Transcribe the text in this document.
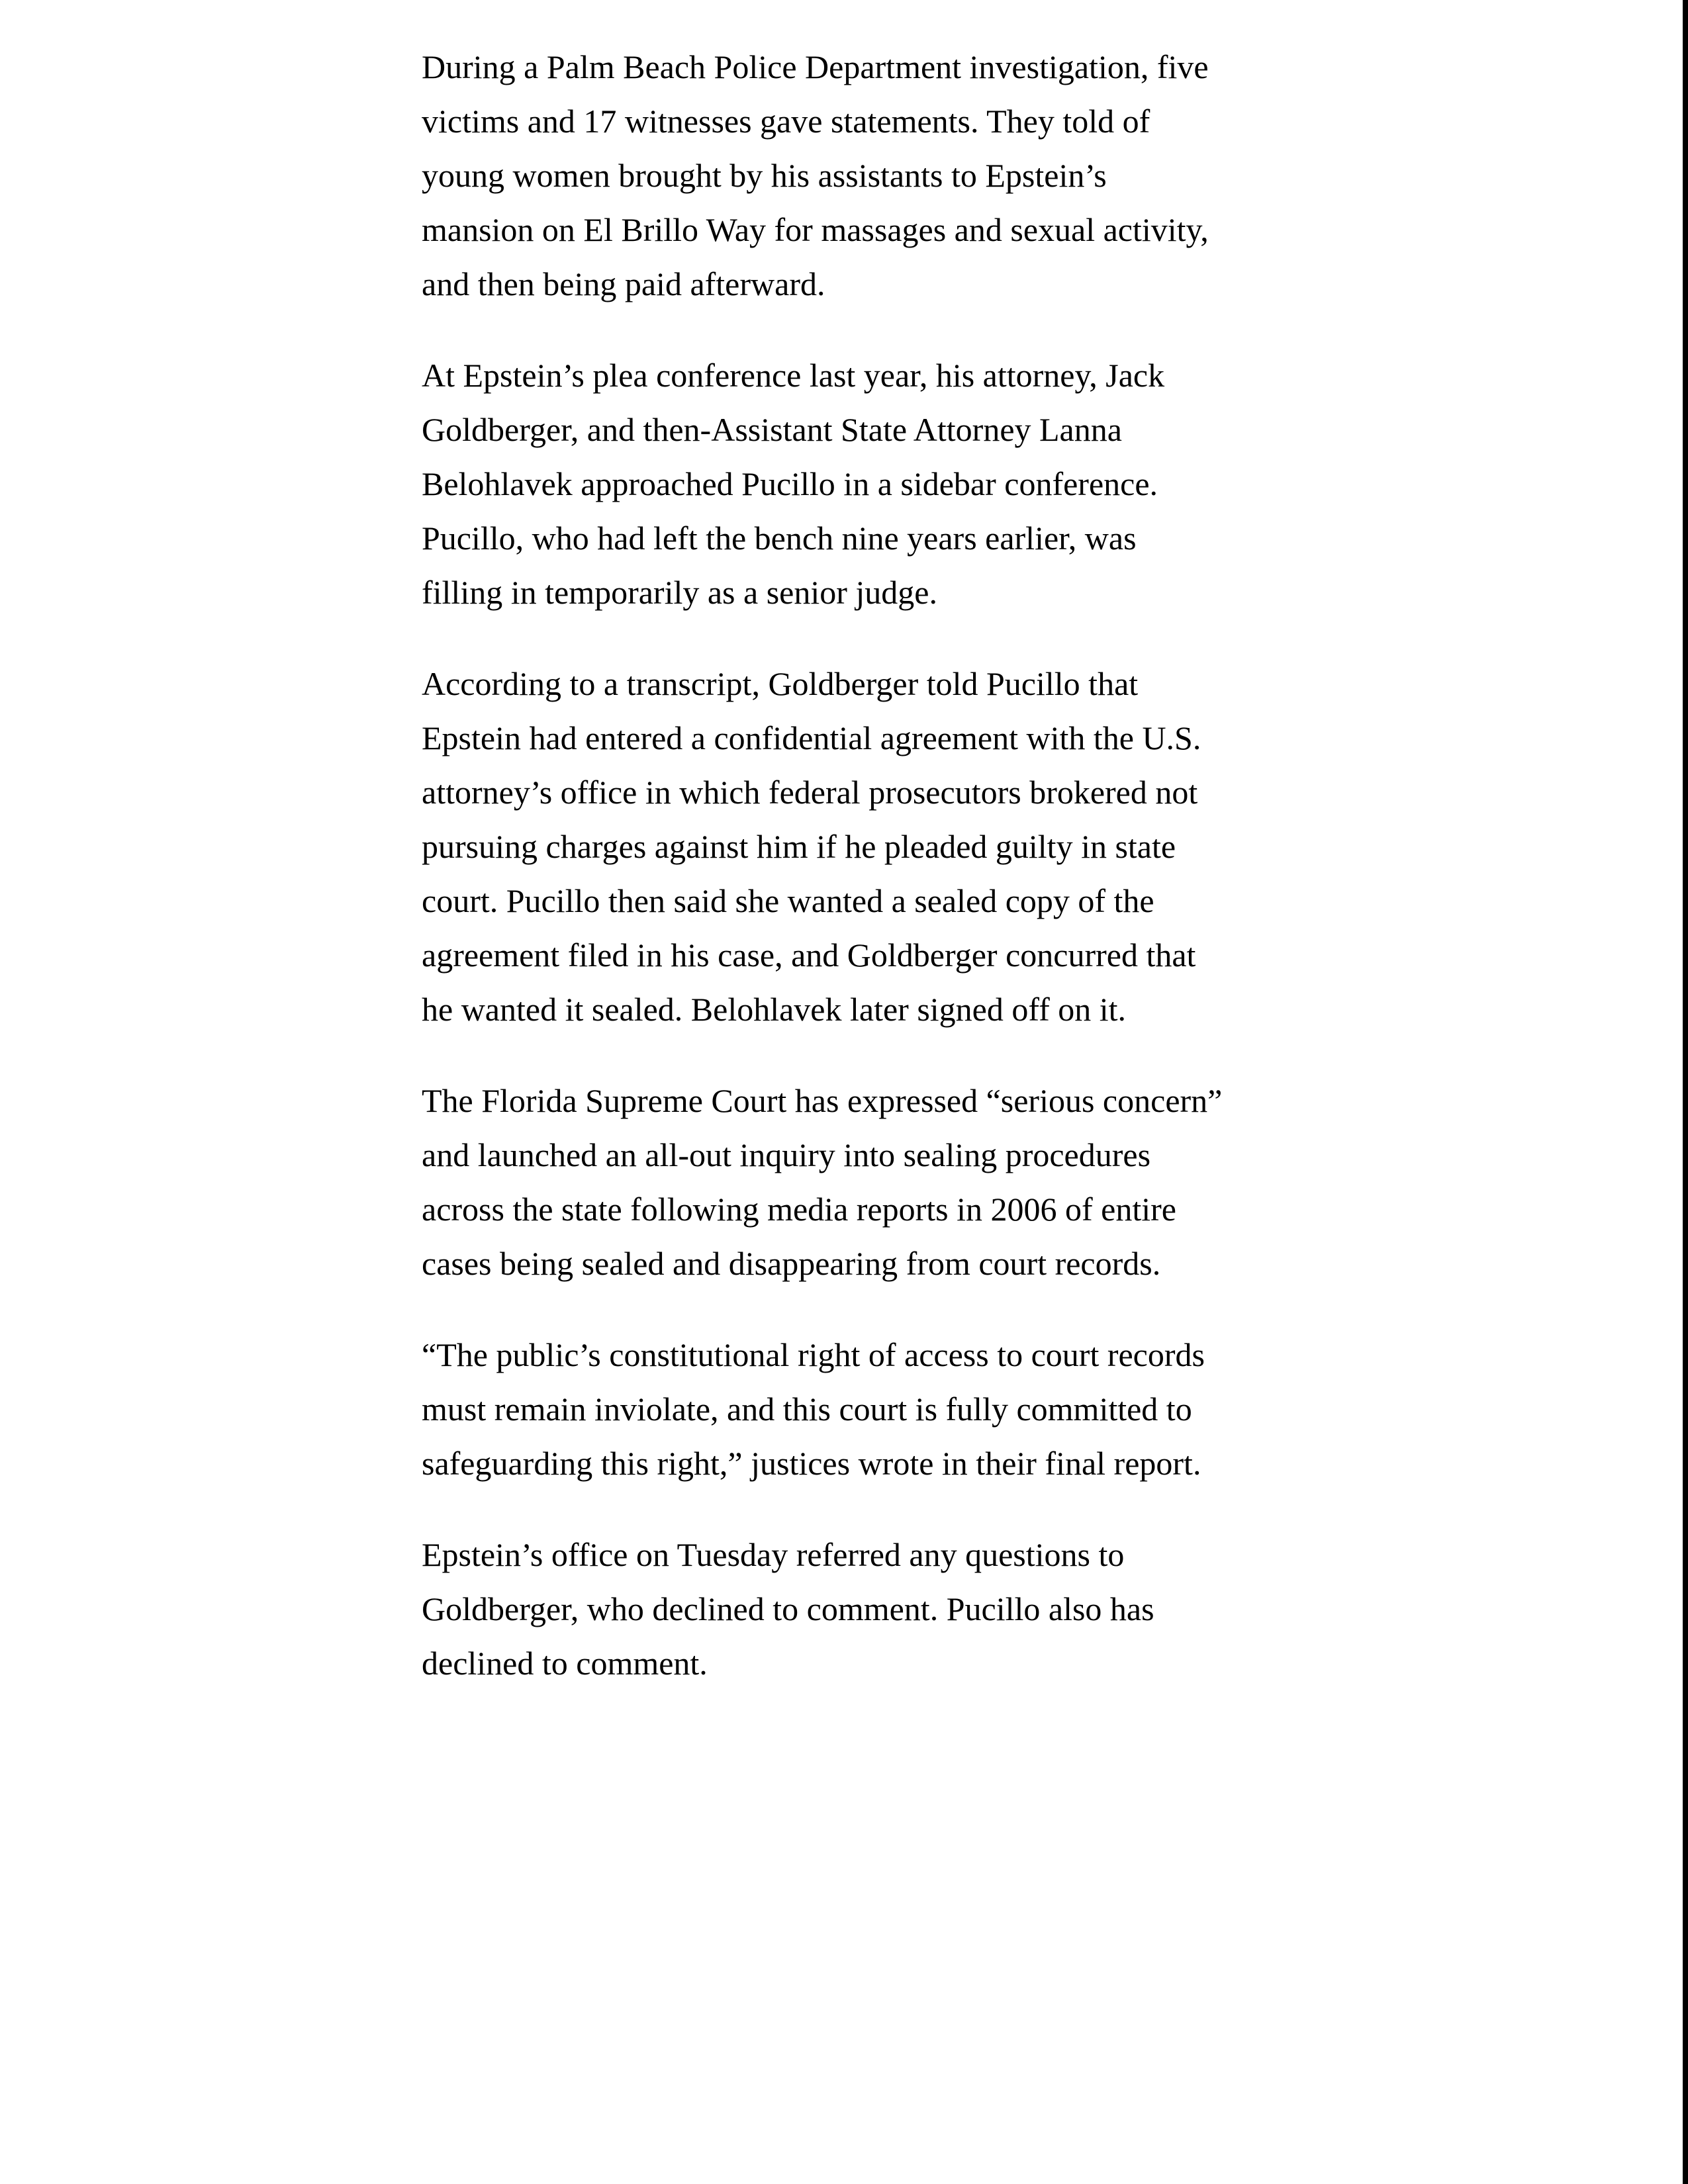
During a Palm Beach Police Department investigation, five
victims and 17 witnesses gave statements. They told of
young women brought by his assistants to Epstein’s
mansion on El Brillo Way for massages and sexual activity,
and then being paid afterward.

At Epstein’s plea conference last year, his attorney, Jack
Goldberger, and then-Assistant State Attorney Lanna
Belohlavek approached Pucillo in a sidebar conference.
Pucillo, who had left the bench nine years earlier, was
filling in temporarily as a senior judge.

According to a transcript, Goldberger told Pucillo that
Epstein had entered a confidential agreement with the U.S.
attorney’s office in which federal prosecutors brokered not
pursuing charges against him if he pleaded guilty in state
court. Pucillo then said she wanted a sealed copy of the
agreement filed in his case, and Goldberger concurred that
he wanted it sealed. Belohlavek later signed off on it.

The Florida Supreme Court has expressed “serious concern”
and launched an all-out inquiry into sealing procedures
across the state following media reports in 2006 of entire
cases being sealed and disappearing from court records.

“The public’s constitutional right of access to court records
must remain inviolate, and this court is fully committed to
safeguarding this right,” justices wrote in their final report.

Epstein’s office on Tuesday referred any questions to
Goldberger, who declined to comment. Pucillo also has
declined to comment.
